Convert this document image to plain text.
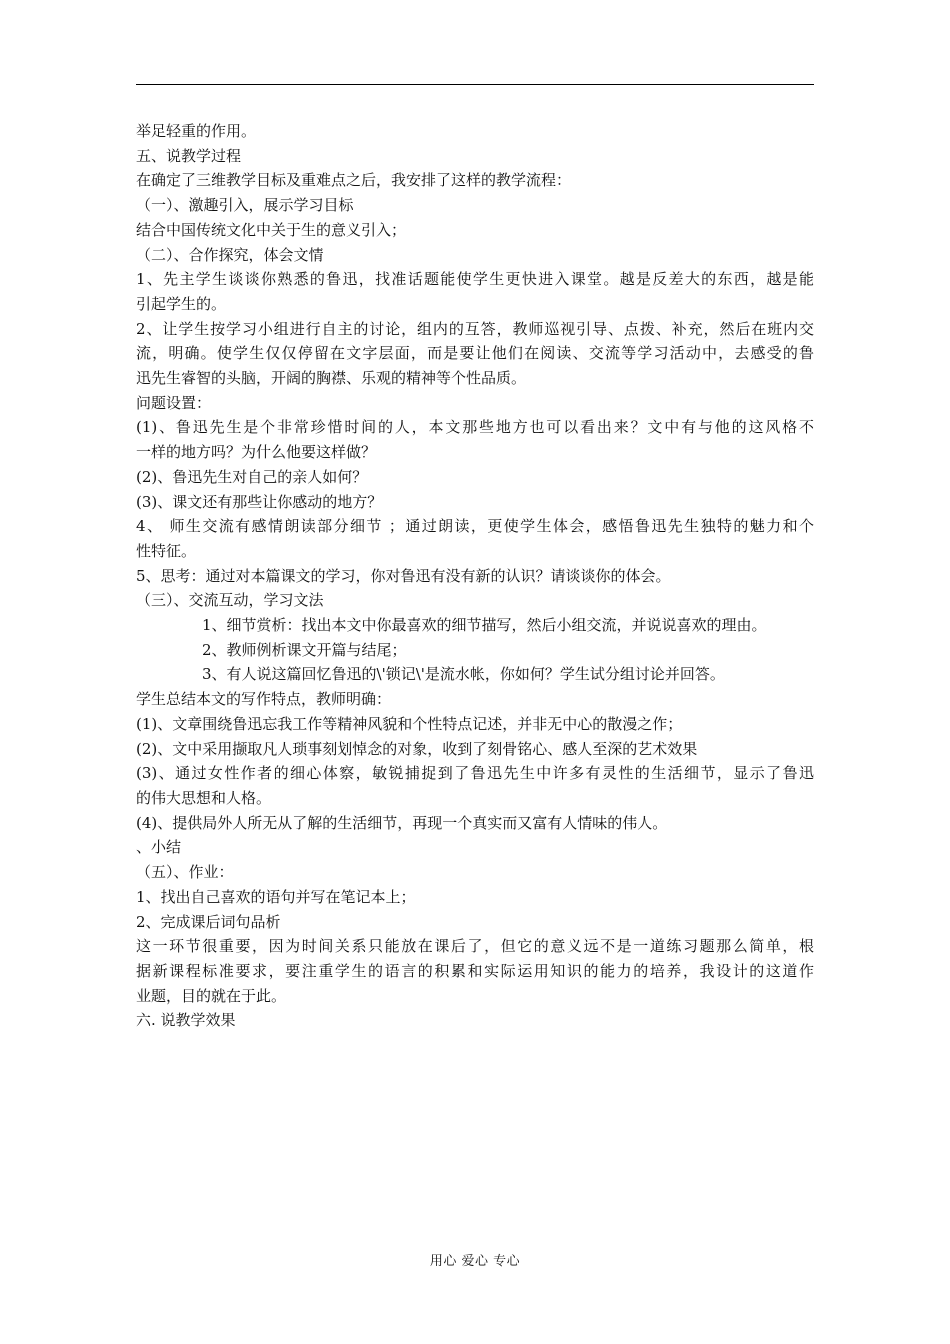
举足轻重的作用。
五、说教学过程
在确定了三维教学目标及重难点之后，我安排了这样的教学流程：
（一）、激趣引入，展示学习目标
结合中国传统文化中关于生的意义引入；
（二）、合作探究，体会文情
1、先主学生谈谈你熟悉的鲁迅，找准话题能使学生更快进入课堂。越是反差大的东西，越是能
引起学生的。
2、让学生按学习小组进行自主的讨论，组内的互答，教师巡视引导、点拨、补充，然后在班内交
流，明确。使学生仅仅停留在文字层面，而是要让他们在阅读、交流等学习活动中，去感受的鲁
迅先生睿智的头脑，开阔的胸襟、乐观的精神等个性品质。
问题设置：
(1)、鲁迅先生是个非常珍惜时间的人，本文那些地方也可以看出来？文中有与他的这风格不
一样的地方吗？为什么他要这样做？
(2)、鲁迅先生对自己的亲人如何？
(3)、课文还有那些让你感动的地方？
4、 师生交流有感情朗读部分细节 ；通过朗读，更使学生体会，感悟鲁迅先生独特的魅力和个
性特征。
5、思考：通过对本篇课文的学习，你对鲁迅有没有新的认识？请谈谈你的体会。
（三）、交流互动，学习文法
1、细节赏析：找出本文中你最喜欢的细节描写，然后小组交流，并说说喜欢的理由。
2、教师例析课文开篇与结尾；
3、有人说这篇回忆鲁迅的\'锁记\'是流水帐，你如何？学生试分组讨论并回答。
学生总结本文的写作特点，教师明确：
(1)、文章围绕鲁迅忘我工作等精神风貌和个性特点记述，并非无中心的散漫之作；
(2)、文中采用撷取凡人琐事刻划悼念的对象，收到了刻骨铭心、感人至深的艺术效果
(3)、通过女性作者的细心体察，敏锐捕捉到了鲁迅先生中许多有灵性的生活细节，显示了鲁迅
的伟大思想和人格。
(4)、提供局外人所无从了解的生活细节，再现一个真实而又富有人情味的伟人。
、小结
（五）、作业：
1、找出自己喜欢的语句并写在笔记本上；
2、完成课后词句品析
这一环节很重要，因为时间关系只能放在课后了，但它的意义远不是一道练习题那么简单，根
据新课程标准要求，要注重学生的语言的积累和实际运用知识的能力的培养，我设计的这道作
业题，目的就在于此。
六. 说教学效果
用心 爱心 专心
